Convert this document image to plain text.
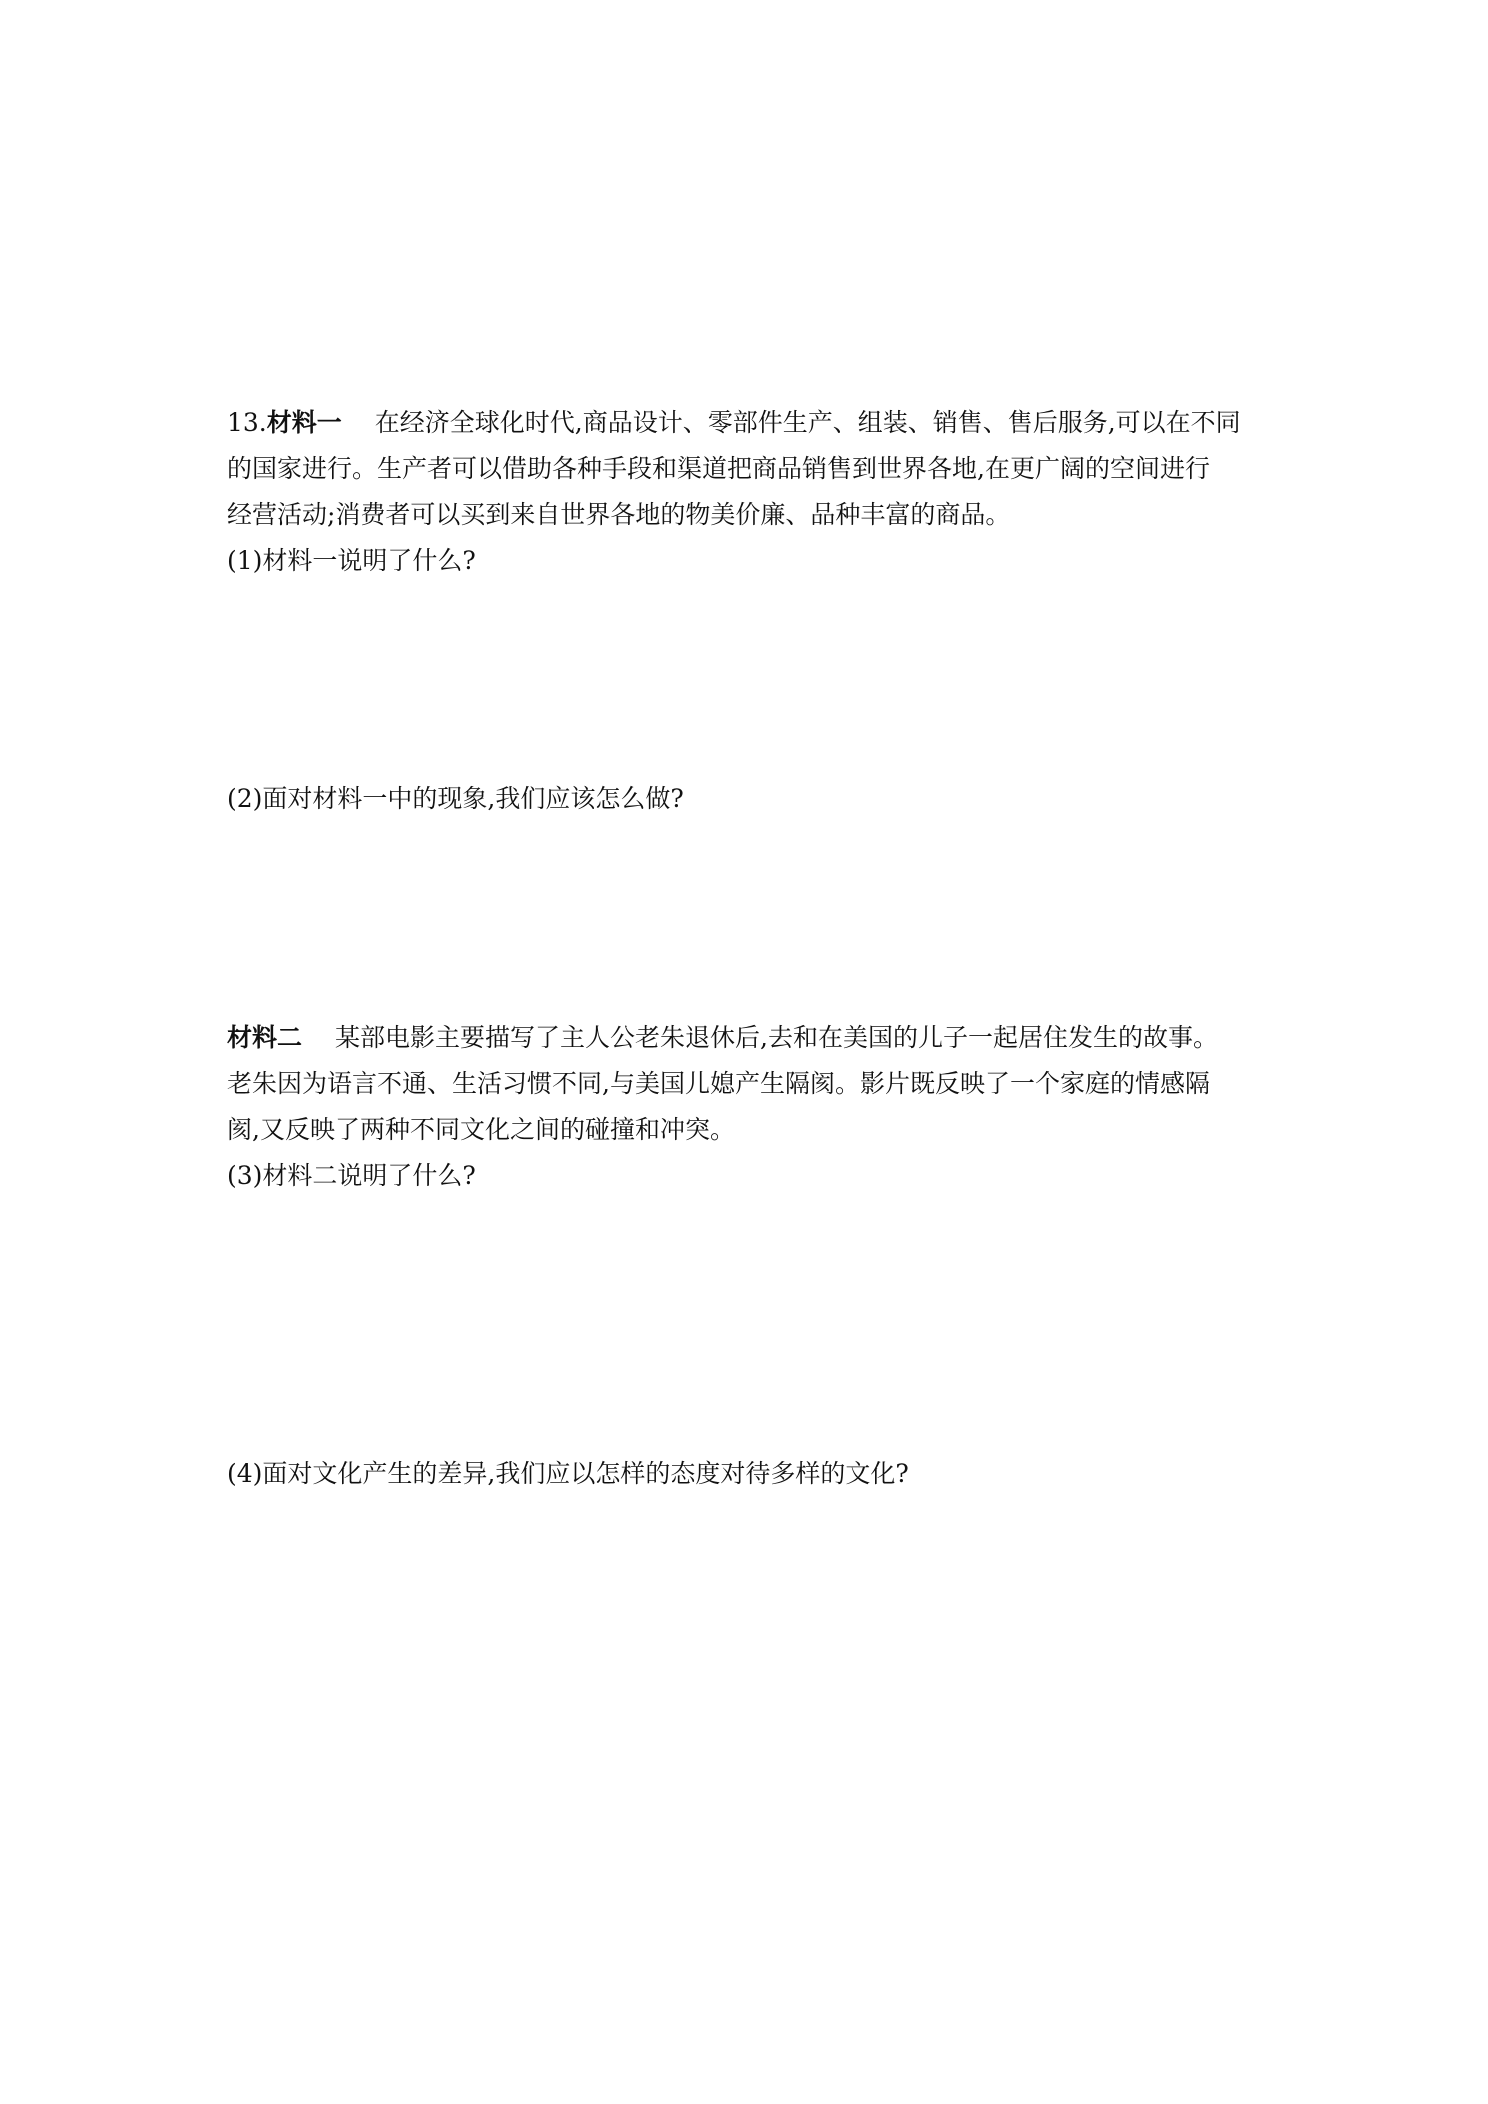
13.材料一 在经济全球化时代,商品设计、零部件生产、组装、销售、售后服务,可以在不同

的国家进行。生产者可以借助各种手段和渠道把商品销售到世界各地,在更广阔的空间进行

经营活动;消费者可以买到来自世界各地的物美价廉、品种丰富的商品。

(1)材料一说明了什么?

(2)面对材料一中的现象,我们应该怎么做?

材料二 某部电影主要描写了主人公老朱退休后,去和在美国的儿子一起居住发生的故事。

老朱因为语言不通、生活习惯不同,与美国儿媳产生隔阂。影片既反映了一个家庭的情感隔

阂,又反映了两种不同文化之间的碰撞和冲突。

(3)材料二说明了什么?

(4)面对文化产生的差异,我们应以怎样的态度对待多样的文化?
